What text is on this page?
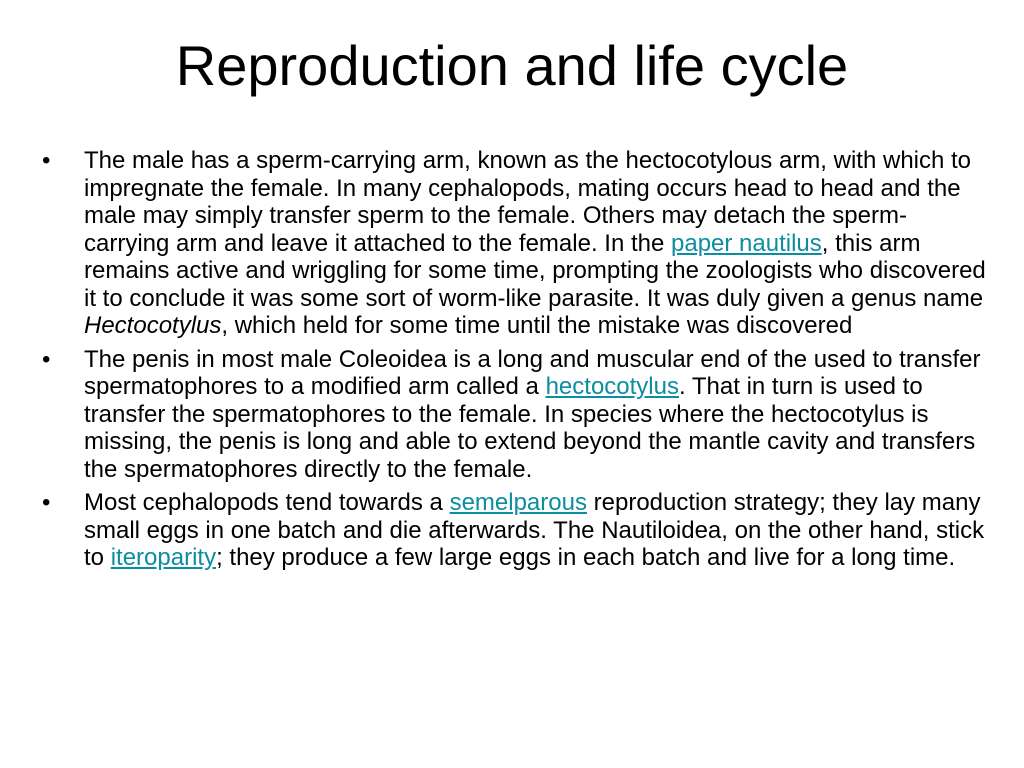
Reproduction and life cycle
•	The male has a sperm-carrying arm, known as the hectocotylous arm, with which to impregnate the female. In many cephalopods, mating occurs head to head and the male may simply transfer sperm to the female. Others may detach the sperm-carrying arm and leave it attached to the female. In the paper nautilus, this arm remains active and wriggling for some time, prompting the zoologists who discovered it to conclude it was some sort of worm-like parasite. It was duly given a genus name Hectocotylus, which held for some time until the mistake was discovered
•	The penis in most male Coleoidea is a long and muscular end of the used to transfer spermatophores to a modified arm called a hectocotylus. That in turn is used to transfer the spermatophores to the female. In species where the hectocotylus is missing, the penis is long and able to extend beyond the mantle cavity and transfers the spermatophores directly to the female.
•	Most cephalopods tend towards a semelparous reproduction strategy; they lay many small eggs in one batch and die afterwards. The Nautiloidea, on the other hand, stick to iteroparity; they produce a few large eggs in each batch and live for a long time.
